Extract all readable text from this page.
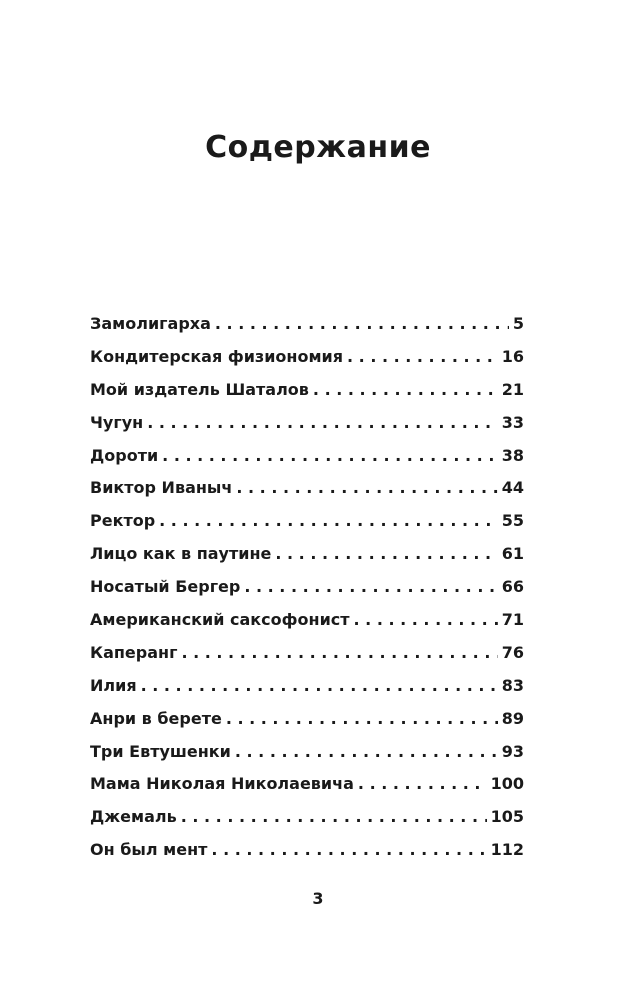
Содержание
Замолигарха . . .	5
Кондитерская физиономия . . .	16
Мой издатель Шаталов . . .	21
Чугун . . .	33
Дороти . . .	38
Виктор Иваныч . . .	44
Ректор . . .	55
Лицо как в паутине . . .	61
Носатый Бергер . . .	66
Американский саксофонист . . .	71
Каперанг . . .	76
Илия . . .	83
Анри в берете . . .	89
Три Евтушенки . . .	93
Мама Николая Николаевича . . .	100
Джемаль . . .	105
Он был мент . . .	112
3
